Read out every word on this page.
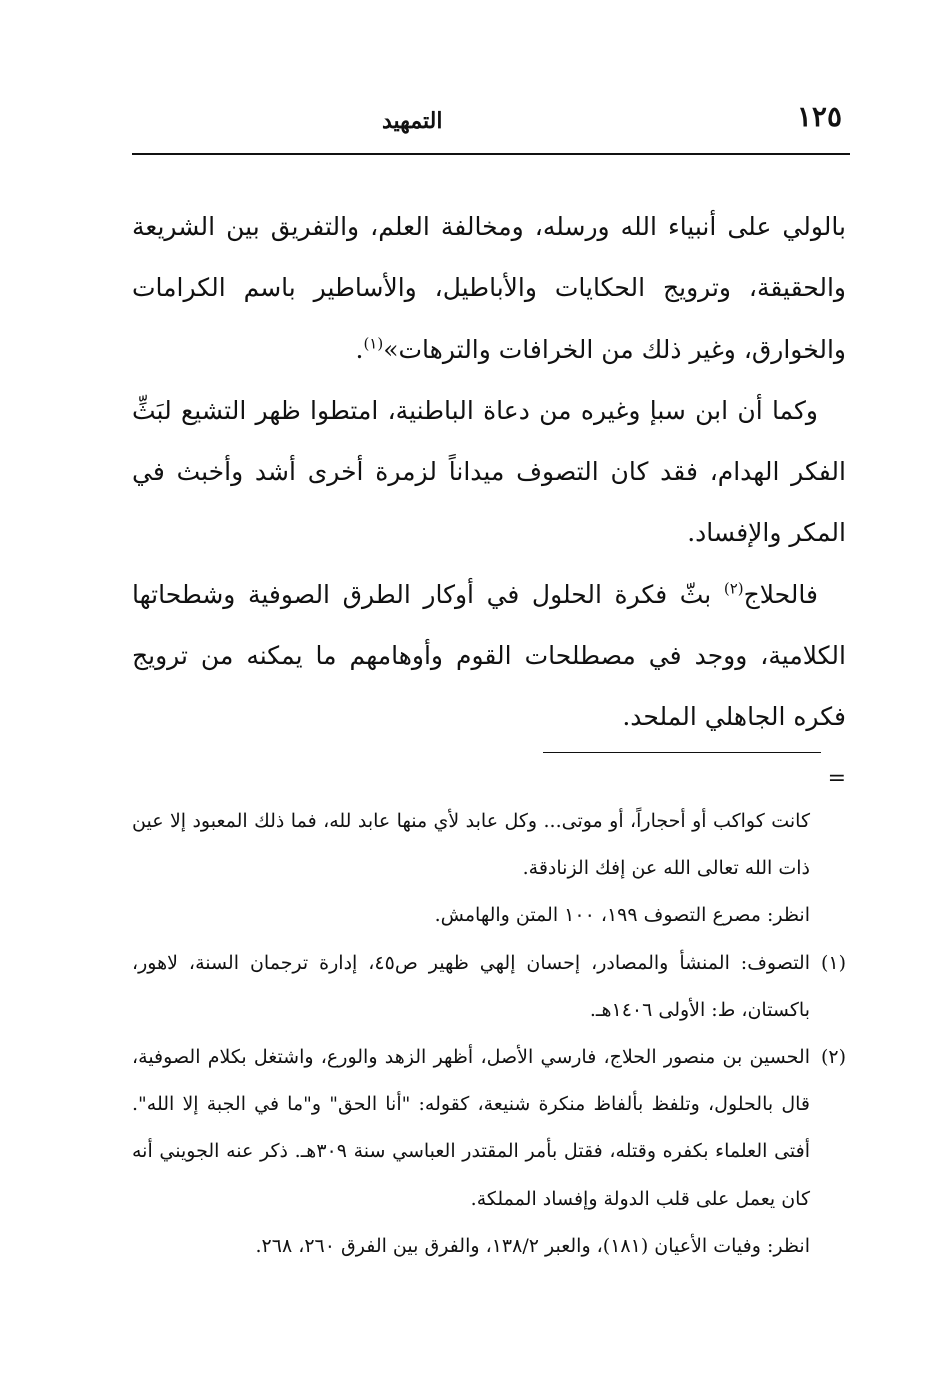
١٢٥
التمهيد

بالولي على أنبياء الله ورسله، ومخالفة العلم، والتفريق بين الشريعة والحقيقة، وترويج الحكايات والأباطيل، والأساطير باسم الكرامات والخوارق، وغير ذلك من الخرافات والترهات»$^{(١)}$.

وكما أن ابن سبإ وغيره من دعاة الباطنية، امتطوا ظهر التشيع لبَثِّ الفكر الهدام، فقد كان التصوف ميداناً لزمرة أخرى أشد وأخبث في المكر والإفساد.

فالحلاج$^{(٢)}$ بثّ فكرة الحلول في أوكار الطرق الصوفية وشطحاتها الكلامية، ووجد في مصطلحات القوم وأوهامهم ما يمكنه من ترويج فكره الجاهلي الملحد.

=

كانت كواكب أو أحجاراً، أو موتى... وكل عابد لأي منها عابد لله، فما ذلك المعبود إلا عين ذات الله تعالى الله عن إفك الزنادقة.

انظر: مصرع التصوف ١٩٩، ١٠٠ المتن والهامش.

(١)
التصوف: المنشأ والمصادر، إحسان إلهي ظهير ص٤٥، إدارة ترجمان السنة، لاهور، باكستان، ط: الأولى ١٤٠٦هـ.
(٢)
الحسين بن منصور الحلاج، فارسي الأصل، أظهر الزهد والورع، واشتغل بكلام الصوفية، قال بالحلول، وتلفظ بألفاظ منكرة شنيعة، كقوله: "أنا الحق" و"ما في الجبة إلا الله". أفتى العلماء بكفره وقتله، فقتل بأمر المقتدر العباسي سنة ٣٠٩هـ. ذكر عنه الجويني أنه كان يعمل على قلب الدولة وإفساد المملكة.

انظر: وفيات الأعيان (١٨١)، والعبر ١٣٨/٢، والفرق بين الفرق ٢٦٠، ٢٦٨.
